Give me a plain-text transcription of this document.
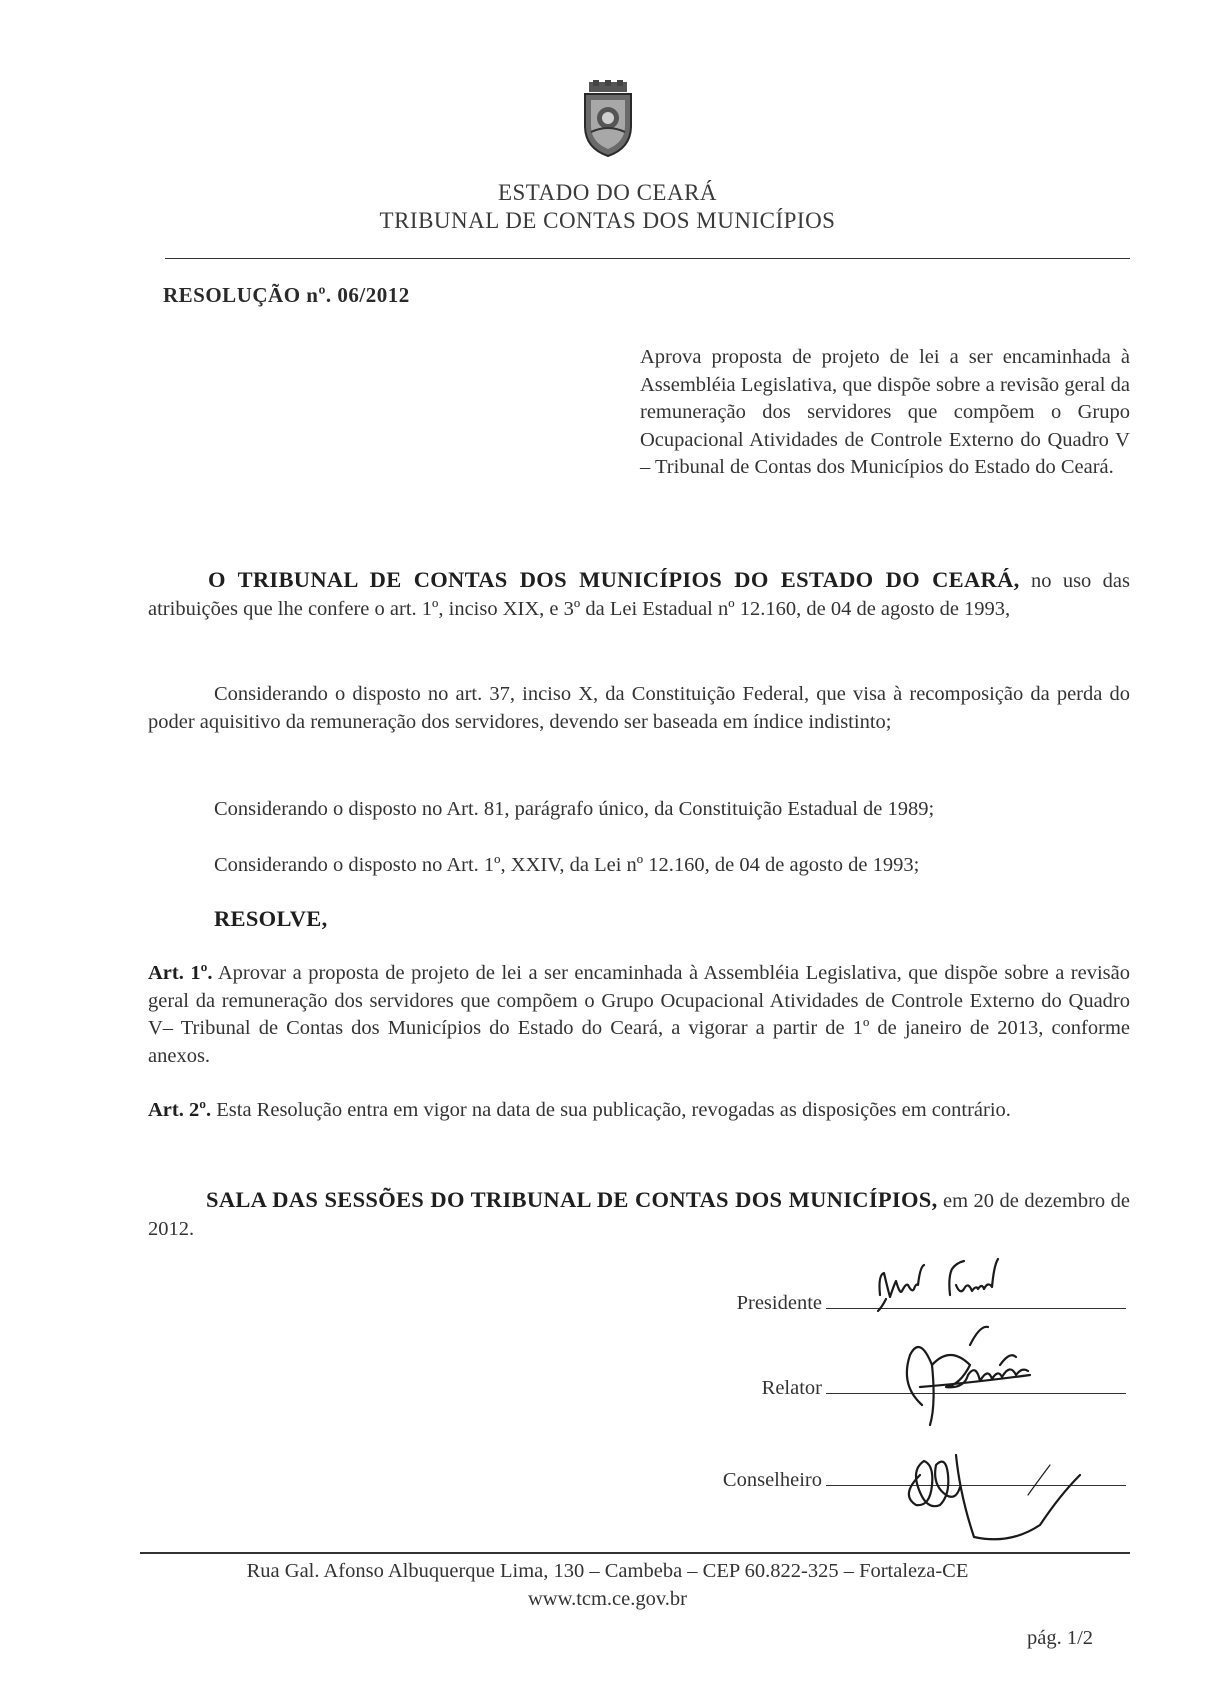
ESTADO DO CEARÁ
TRIBUNAL DE CONTAS DOS MUNICÍPIOS
RESOLUÇÃO nº. 06/2012
Aprova proposta de projeto de lei a ser encaminhada à Assembléia Legislativa, que dispõe sobre a revisão geral da remuneração dos servidores que compõem o Grupo Ocupacional Atividades de Controle Externo do Quadro V – Tribunal de Contas dos Municípios do Estado do Ceará.
O TRIBUNAL DE CONTAS DOS MUNICÍPIOS DO ESTADO DO CEARÁ, no uso das atribuições que lhe confere o art. 1º, inciso XIX, e 3º da Lei Estadual nº 12.160, de 04 de agosto de 1993,
Considerando o disposto no art. 37, inciso X, da Constituição Federal, que visa à recomposição da perda do poder aquisitivo da remuneração dos servidores, devendo ser baseada em índice indistinto;
Considerando o disposto no Art. 81, parágrafo único, da Constituição Estadual de 1989;
Considerando o disposto no Art. 1º, XXIV, da Lei nº 12.160, de 04 de agosto de 1993;
RESOLVE,
Art. 1º. Aprovar a proposta de projeto de lei a ser encaminhada à Assembléia Legislativa, que dispõe sobre a revisão geral da remuneração dos servidores que compõem o Grupo Ocupacional Atividades de Controle Externo do Quadro V– Tribunal de Contas dos Municípios do Estado do Ceará, a vigorar a partir de 1º de janeiro de 2013, conforme anexos.
Art. 2º. Esta Resolução entra em vigor na data de sua publicação, revogadas as disposições em contrário.
SALA DAS SESSÕES DO TRIBUNAL DE CONTAS DOS MUNICÍPIOS, em 20 de dezembro de 2012.
Presidente
Relator
Conselheiro
Rua Gal. Afonso Albuquerque Lima, 130 – Cambeba – CEP 60.822-325 – Fortaleza-CE
www.tcm.ce.gov.br
pág. 1/2
